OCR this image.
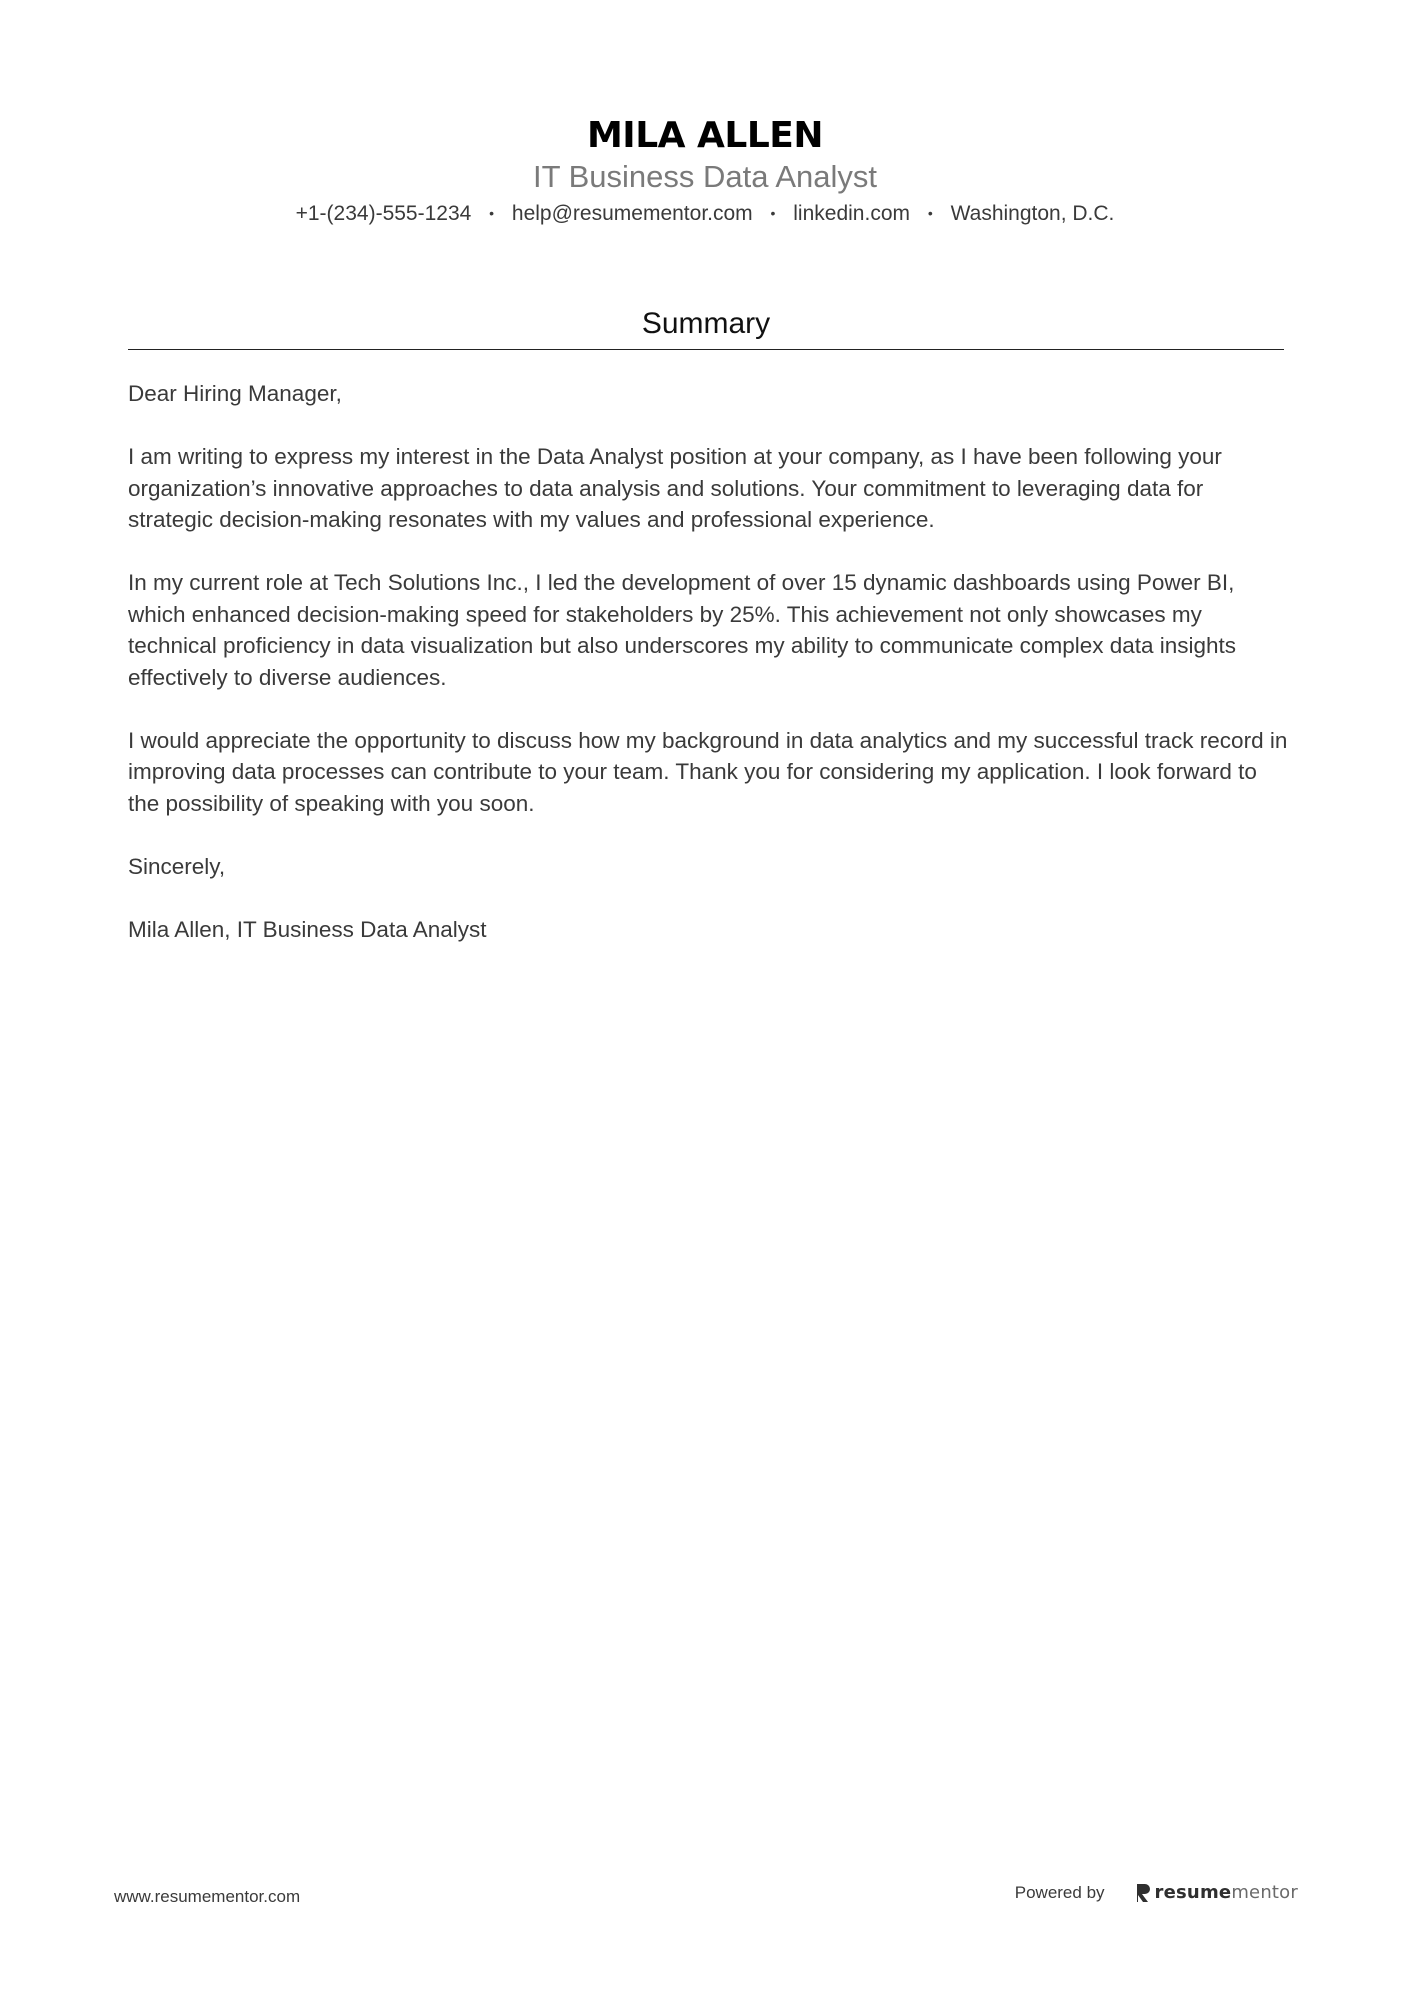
MILA ALLEN
IT Business Data Analyst
+1-(234)-555-1234 • help@resumementor.com • linkedin.com • Washington, D.C.
Summary

Dear Hiring Manager,

I am writing to express my interest in the Data Analyst position at your company, as I have been following your organization’s innovative approaches to data analysis and solutions. Your commitment to leveraging data for strategic decision-making resonates with my values and professional experience.

In my current role at Tech Solutions Inc., I led the development of over 15 dynamic dashboards using Power BI, which enhanced decision-making speed for stakeholders by 25%. This achievement not only showcases my technical proficiency in data visualization but also underscores my ability to communicate complex data insights effectively to diverse audiences.

I would appreciate the opportunity to discuss how my background in data analytics and my successful track record in improving data processes can contribute to your team. Thank you for considering my application. I look forward to the possibility of speaking with you soon.

Sincerely,

Mila Allen, IT Business Data Analyst

www.resumementor.com	Powered by	resumementor
